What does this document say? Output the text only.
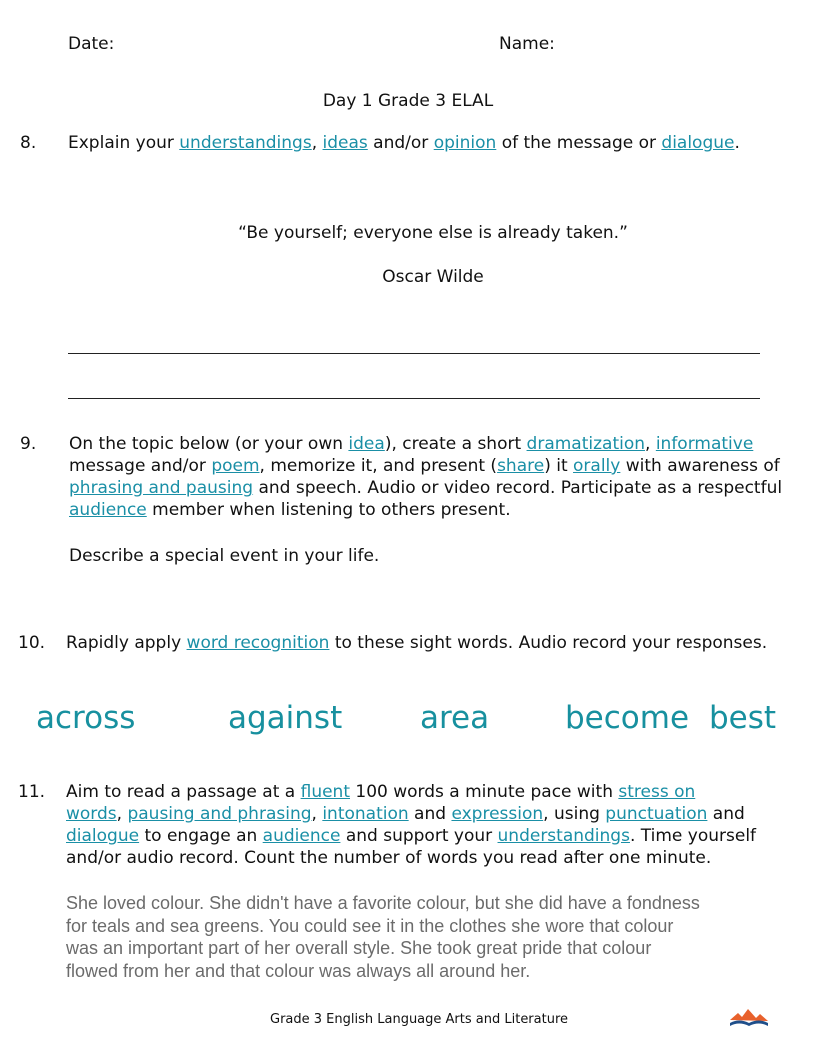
Date:	Name:
Day 1 Grade 3 ELAL
8. Explain your understandings, ideas and/or opinion of the message or dialogue.
“Be yourself; everyone else is already taken.”
Oscar Wilde
9. On the topic below (or your own idea), create a short dramatization, informative
message and/or poem, memorize it, and present (share) it orally with awareness of
phrasing and pausing and speech. Audio or video record. Participate as a respectful
audience member when listening to others present.
Describe a special event in your life.
10. Rapidly apply word recognition to these sight words. Audio record your responses.
across	against	area become best
11. Aim to read a passage at a fluent 100 words a minute pace with stress on
words, pausing and phrasing, intonation and expression, using punctuation and
dialogue to engage an audience and support your understandings. Time yourself
and/or audio record. Count the number of words you read after one minute.
She loved colour. She didn't have a favorite colour, but she did have a fondness
for teals and sea greens. You could see it in the clothes she wore that colour
was an important part of her overall style. She took great pride that colour
flowed from her and that colour was always all around her.
Grade 3 English Language Arts and Literature
